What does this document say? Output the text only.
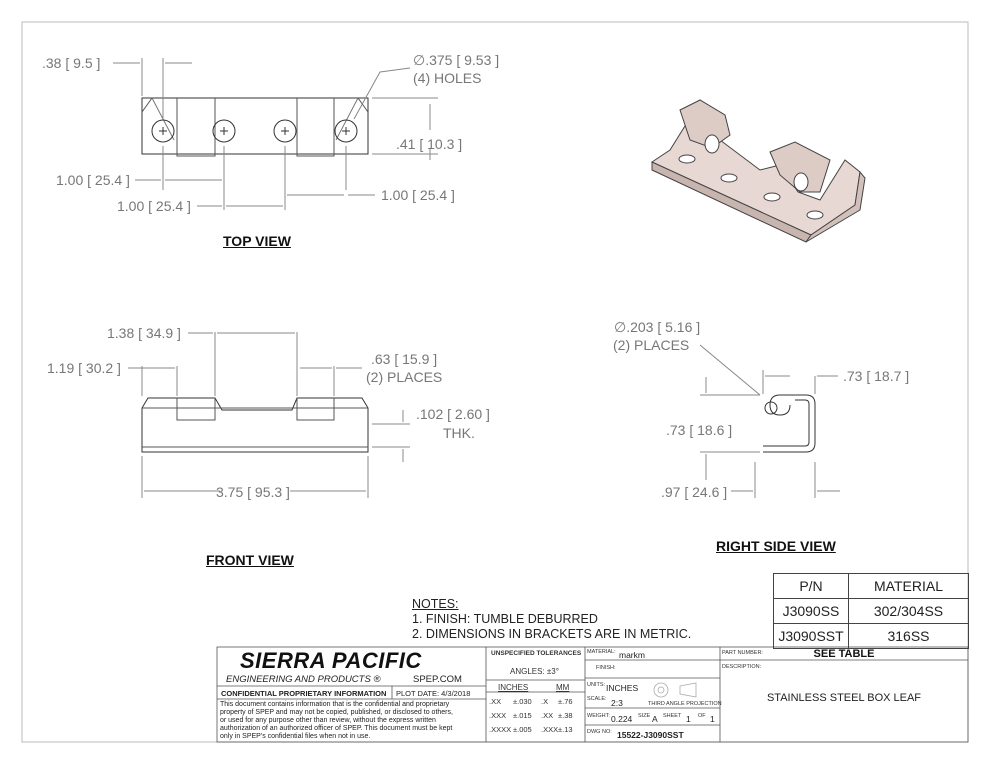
.38 [ 9.5 ]	∅.375 [ 9.53 ]
(4) HOLES
.41 [ 10.3 ]
1.00 [ 25.4 ]
1.00 [ 25.4 ]
1.00 [ 25.4 ]
TOP VIEW
1.38 [ 34.9 ]
1.19 [ 30.2 ]
.63 [ 15.9 ]
(2) PLACES
.102 [ 2.60 ]
THK.
3.75 [ 95.3 ]
FRONT VIEW
∅.203 [ 5.16 ]
(2) PLACES
.73 [ 18.7 ]
.73 [ 18.6 ]
.97 [ 24.6 ]
RIGHT SIDE VIEW
NOTES:
1. FINISH: TUMBLE DEBURRED
2. DIMENSIONS IN BRACKETS ARE IN METRIC.
P/N	MATERIAL
J3090SS	302/304SS
J3090SST	316SS
SIERRA PACIFIC
ENGINEERING AND PRODUCTS ®	SPEP.COM
CONFIDENTIAL PROPRIETARY INFORMATION PLOT DATE: 4/3/2018
This document contains information that is the confidential and proprietary
property of SPEP and may not be copied, published, or disclosed to others,
or used for any purpose other than review, without the express written
authorization of an authorized officer of SPEP. This document must be kept
only in SPEP's confidential files when not in use.
UNSPECIFIED TOLERANCES
ANGLES: ±3°
INCHES	MM
.XX ±.030 .X ±.76
.XXX ±.015 .XX ±.38
.XXXX ±.005 .XXX±.13
MATERIAL: markm
FINISH:
UNITS: INCHES
SCALE: 2:3	THIRD ANGLE PROJECTION
WEIGHT: 0.224 SIZE A SHEET 1 OF 1
DWG NO: 15522-J3090SST
PART NUMBER:	SEE TABLE
DESCRIPTION:
STAINLESS STEEL BOX LEAF
